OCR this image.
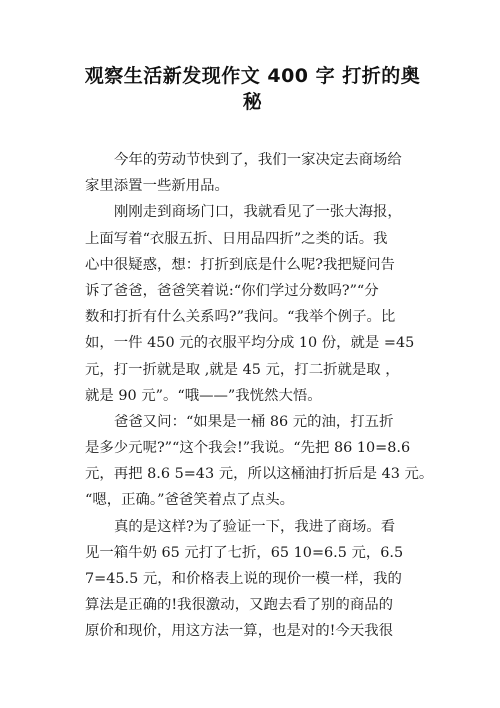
观察生活新发现作文 400 字 打折的奥
秘
今年的劳动节快到了，我们一家决定去商场给
家里添置一些新用品。
刚刚走到商场门口，我就看见了一张大海报，
上面写着“衣服五折、日用品四折”之类的话。我
心中很疑惑，想：打折到底是什么呢?我把疑问告
诉了爸爸，爸爸笑着说:“你们学过分数吗?”“分
数和打折有什么关系吗?”我问。“我举个例子。比
如，一件 450 元的衣服平均分成 10 份，就是 =45
元，打一折就是取 ,就是 45 元，打二折就是取 ，
就是 90 元”。“哦——”我恍然大悟。
爸爸又问：“如果是一桶 86 元的油，打五折
是多少元呢?”“这个我会!”我说。“先把 86 10=8.6
元，再把 8.6 5=43 元，所以这桶油打折后是 43 元。
“嗯，正确。”爸爸笑着点了点头。
真的是这样?为了验证一下，我进了商场。看
见一箱牛奶 65 元打了七折，65 10=6.5 元，6.5
7=45.5 元，和价格表上说的现价一模一样，我的
算法是正确的!我很激动，又跑去看了别的商品的
原价和现价，用这方法一算，也是对的!今天我很
